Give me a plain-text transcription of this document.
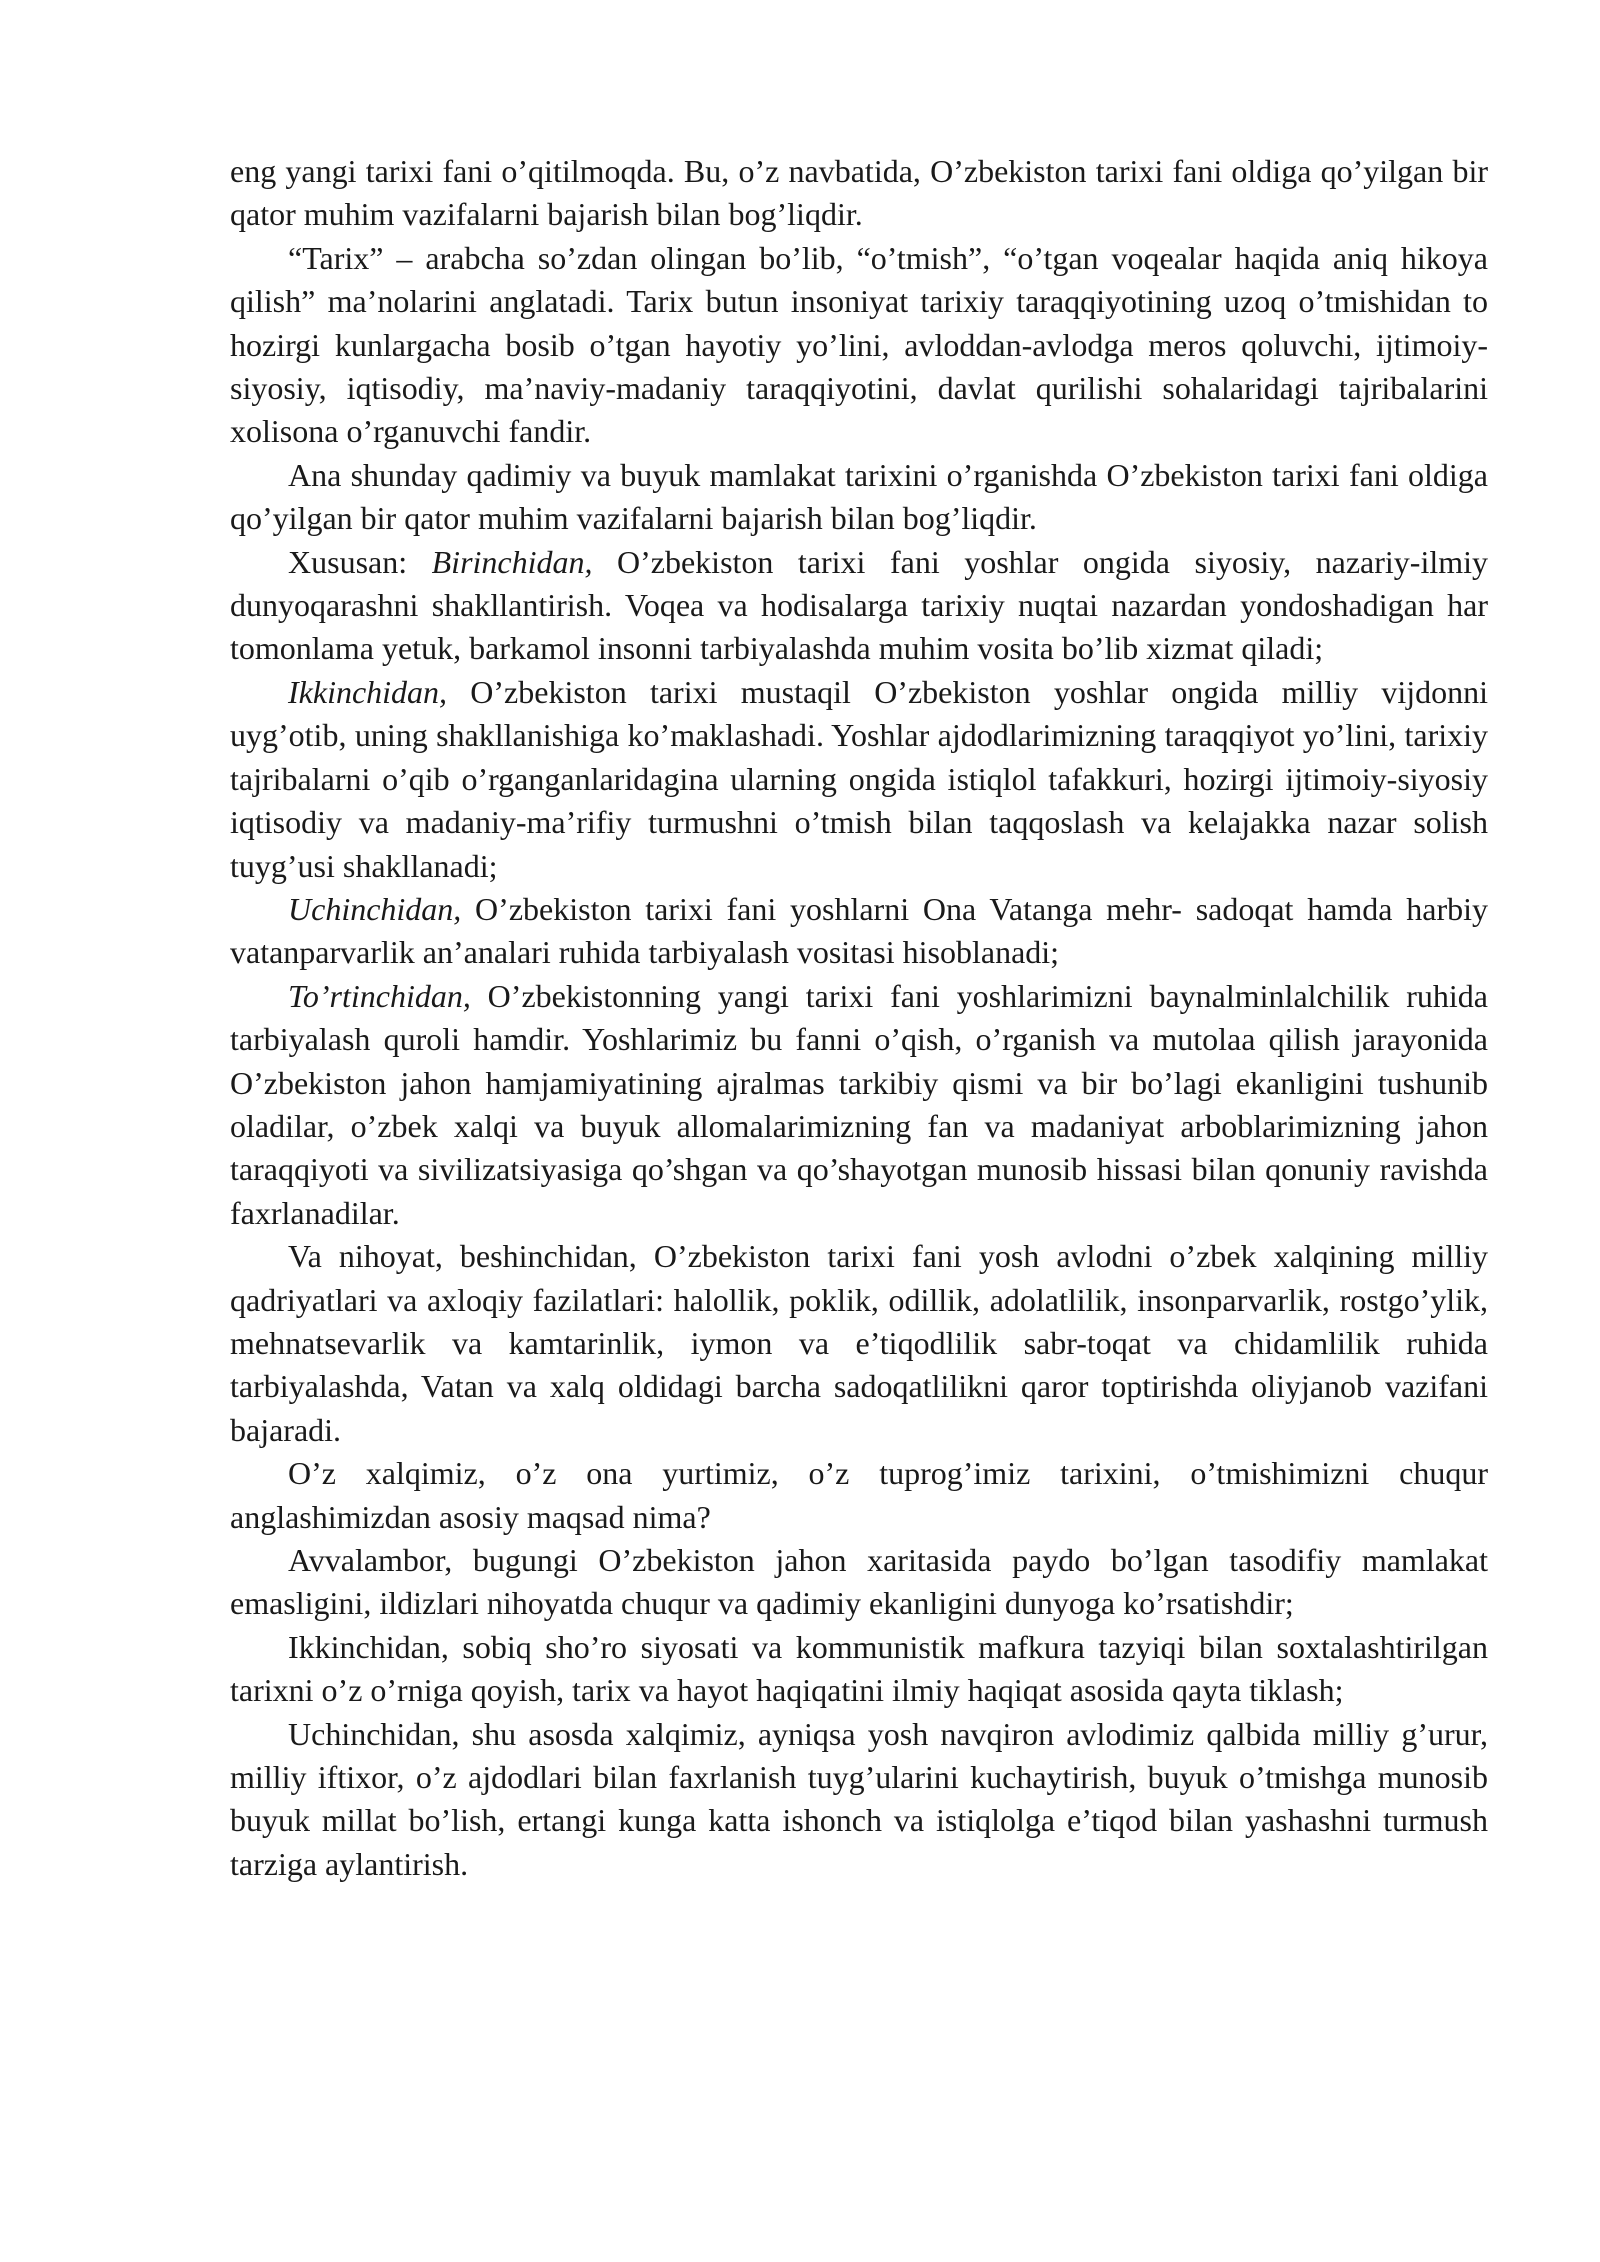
eng yangi tarixi fani o’qitilmoqda. Bu, o’z navbatida, O’zbekiston tarixi fani oldiga qo’yilgan bir qator muhim vazifalarni bajarish bilan bog’liqdir.

“Tarix” – arabcha so’zdan olingan bo’lib, “o’tmish”, “o’tgan voqealar haqida aniq hikoya qilish” ma’nolarini anglatadi. Tarix butun insoniyat tarixiy taraqqiyotining uzoq o’tmishidan to hozirgi kunlargacha bosib o’tgan hayotiy yo’lini, avloddan-avlodga meros qoluvchi, ijtimoiy-siyosiy, iqtisodiy, ma’naviy-madaniy taraqqiyotini, davlat qurilishi sohalaridagi tajribalarini xolisona o’rganuvchi fandir.

Ana shunday qadimiy va buyuk mamlakat tarixini o’rganishda O’zbekiston tarixi fani oldiga qo’yilgan bir qator muhim vazifalarni bajarish bilan bog’liqdir.

Xususan: Birinchidan, O’zbekiston tarixi fani yoshlar ongida siyosiy, nazariy-ilmiy dunyoqarashni shakllantirish. Voqea va hodisalarga tarixiy nuqtai nazardan yondoshadigan har tomonlama yetuk, barkamol insonni tarbiyalashda muhim vosita bo’lib xizmat qiladi;

Ikkinchidan, O’zbekiston tarixi mustaqil O’zbekiston yoshlar ongida milliy vijdonni uyg’otib, uning shakllanishiga ko’maklashadi. Yoshlar ajdodlarimizning taraqqiyot yo’lini, tarixiy tajribalarni o’qib o’rganganlaridagina ularning ongida istiqlol tafakkuri, hozirgi ijtimoiy-siyosiy iqtisodiy va madaniy-ma’rifiy turmushni o’tmish bilan taqqoslash va kelajakka nazar solish tuyg’usi shakllanadi;

Uchinchidan, O’zbekiston tarixi fani yoshlarni Ona Vatanga mehr- sadoqat hamda harbiy vatanparvarlik an’analari ruhida tarbiyalash vositasi hisoblanadi;

To’rtinchidan, O’zbekistonning yangi tarixi fani yoshlarimizni baynalminlalchilik ruhida tarbiyalash quroli hamdir. Yoshlarimiz bu fanni o’qish, o’rganish va mutolaa qilish jarayonida O’zbekiston jahon hamjamiyatining ajralmas tarkibiy qismi va bir bo’lagi ekanligini tushunib oladilar, o’zbek xalqi va buyuk allomalarimizning fan va madaniyat arboblarimizning jahon taraqqiyoti va sivilizatsiyasiga qo’shgan va qo’shayotgan munosib hissasi bilan qonuniy ravishda faxrlanadilar.

Va nihoyat, beshinchidan, O’zbekiston tarixi fani yosh avlodni o’zbek xalqining milliy qadriyatlari va axloqiy fazilatlari: halollik, poklik, odillik, adolatlilik, insonparvarlik, rostgo’ylik, mehnatsevarlik va kamtarinlik, iymon va e’tiqodlilik sabr-toqat va chidamlilik ruhida tarbiyalashda, Vatan va xalq oldidagi barcha sadoqatlilikni qaror toptirishda oliyjanob vazifani bajaradi.

O’z xalqimiz, o’z ona yurtimiz, o’z tuprog’imiz tarixini, o’tmishimizni chuqur anglashimizdan asosiy maqsad nima?

Avvalambor, bugungi O’zbekiston jahon xaritasida paydo bo’lgan tasodifiy mamlakat emasligini, ildizlari nihoyatda chuqur va qadimiy ekanligini dunyoga ko’rsatishdir;

Ikkinchidan, sobiq sho’ro siyosati va kommunistik mafkura tazyiqi bilan soxtalashtirilgan tarixni o’z o’rniga qoyish, tarix va hayot haqiqatini ilmiy haqiqat asosida qayta tiklash;

Uchinchidan, shu asosda xalqimiz, ayniqsa yosh navqiron avlodimiz qalbida milliy g’urur, milliy iftixor, o’z ajdodlari bilan faxrlanish tuyg’ularini kuchaytirish, buyuk o’tmishga munosib buyuk millat bo’lish, ertangi kunga katta ishonch va istiqlolga e’tiqod bilan yashashni turmush tarziga aylantirish.
